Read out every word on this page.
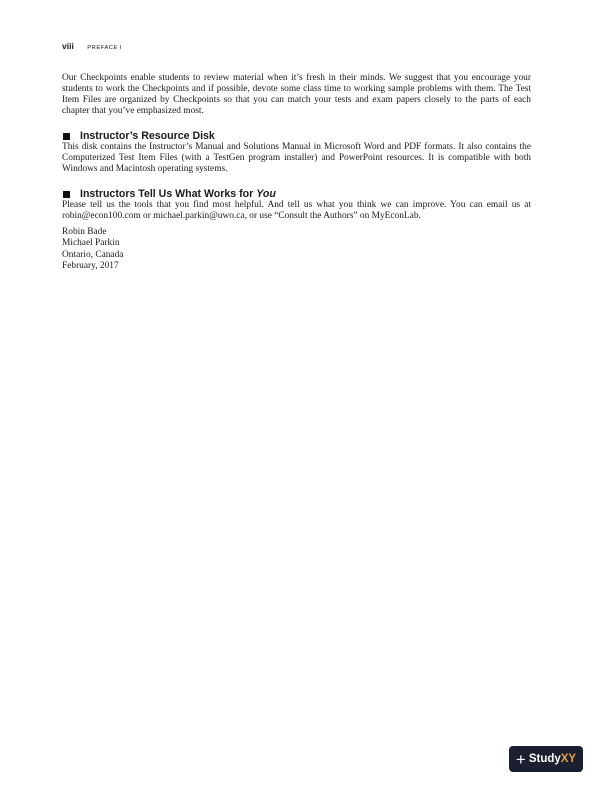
viii PREFACE I

Our Checkpoints enable students to review material when it’s fresh in their minds. We suggest that you encourage your students to work the Checkpoints and if possible, devote some class time to working sample problems with them. The Test Item Files are organized by Checkpoints so that you can match your tests and exam papers closely to the parts of each chapter that you’ve emphasized most.

Instructor’s Resource Disk

This disk contains the Instructor’s Manual and Solutions Manual in Microsoft Word and PDF formats. It also contains the Computerized Test Item Files (with a TestGen program installer) and PowerPoint resources. It is compatible with both Windows and Macintosh operating systems.

Instructors Tell Us What Works for You

Please tell us the tools that you find most helpful. And tell us what you think we can improve. You can email us at robin@econ100.com or michael.parkin@uwo.ca, or use “Consult the Authors” on MyEconLab.

Robin Bade
Michael Parkin
Ontario, Canada
February, 2017
+ Study XY
